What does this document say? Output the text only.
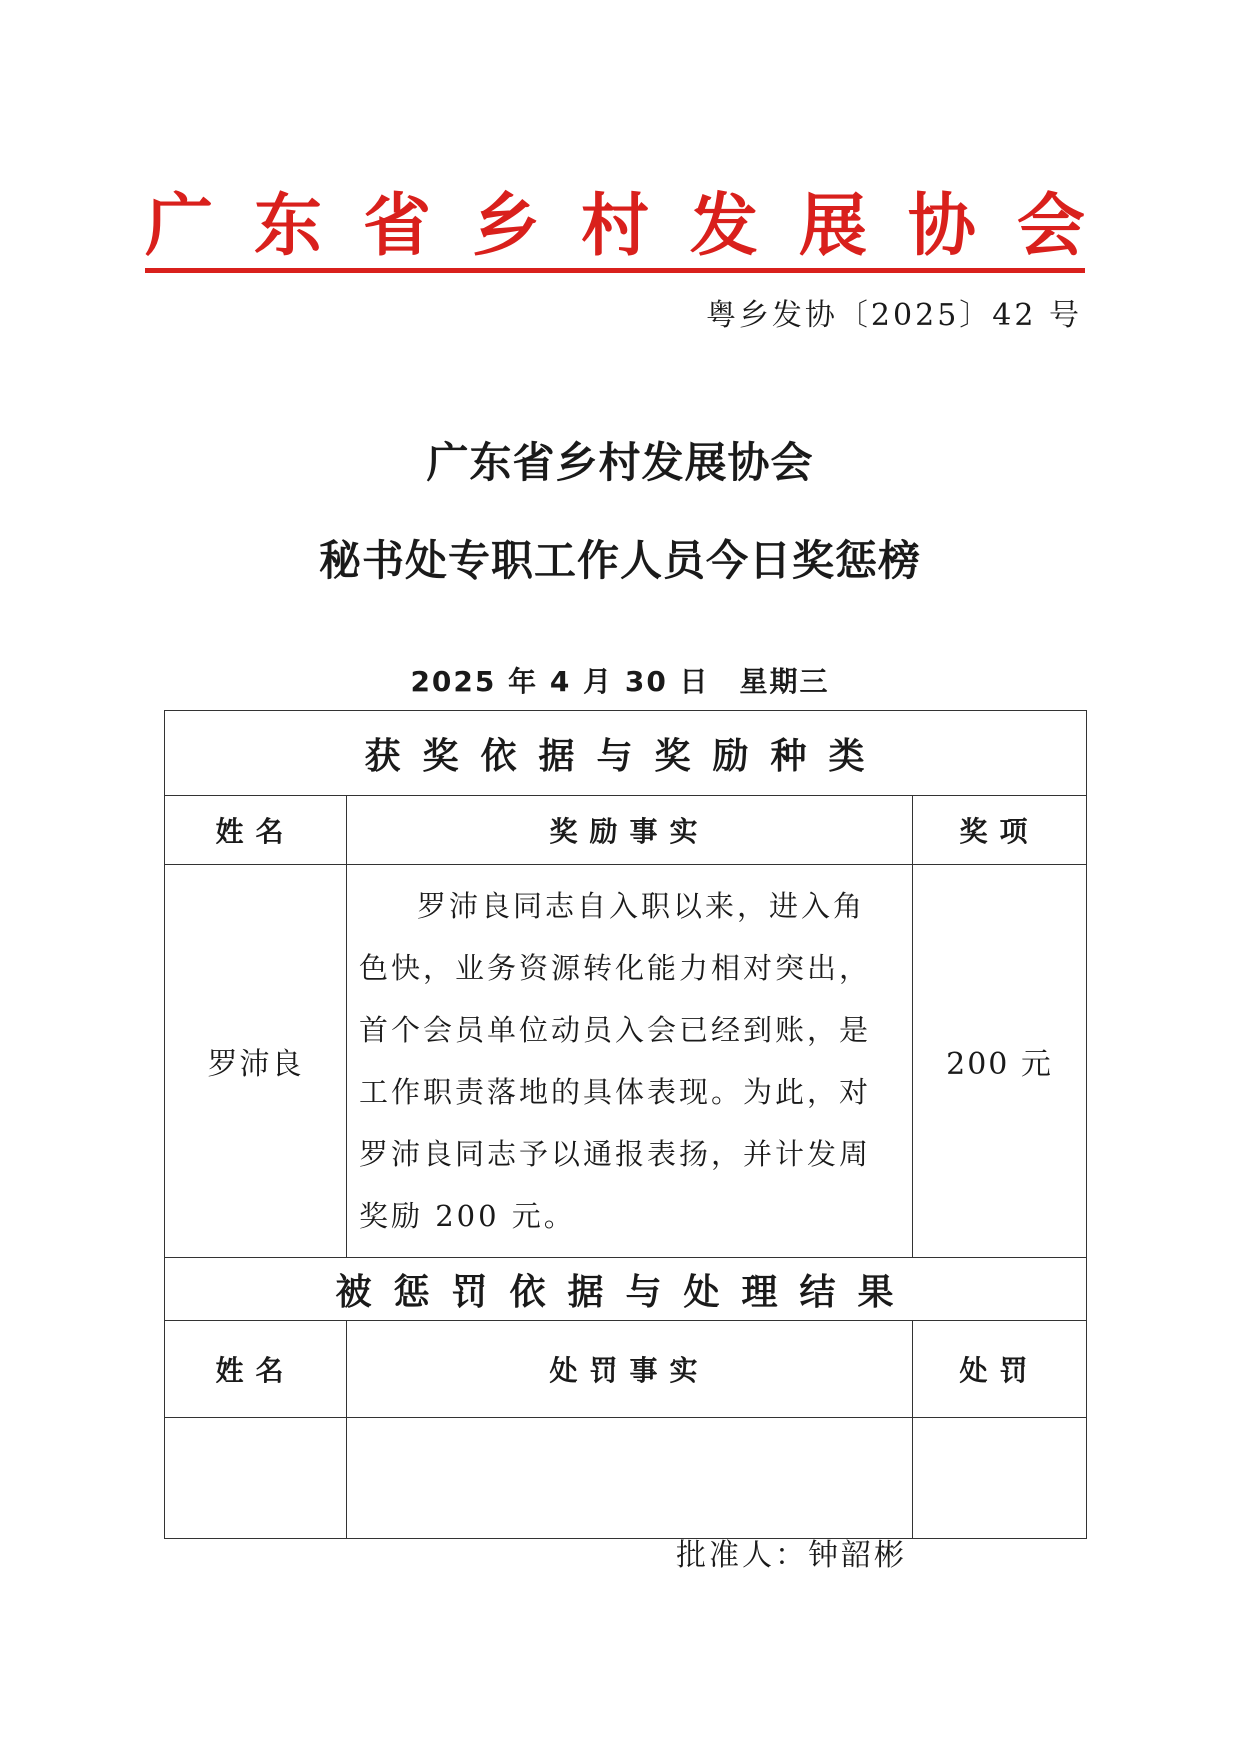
广 东 省 乡 村 发 展 协 会
粤乡发协〔2025〕42 号
广东省乡村发展协会
秘书处专职工作人员今日奖惩榜
2025 年 4 月 30 日　星期三
获奖依据与奖励种类		
姓名	奖励事实	奖项
罗沛良	罗沛良同志自入职以来，进入角色快，业务资源转化能力相对突出，首个会员单位动员入会已经到账，是工作职责落地的具体表现。为此，对罗沛良同志予以通报表扬，并计发周奖励 200 元。	200 元
被惩罚依据与处理结果		
姓名	处罚事实	处罚

批准人：钟韶彬
